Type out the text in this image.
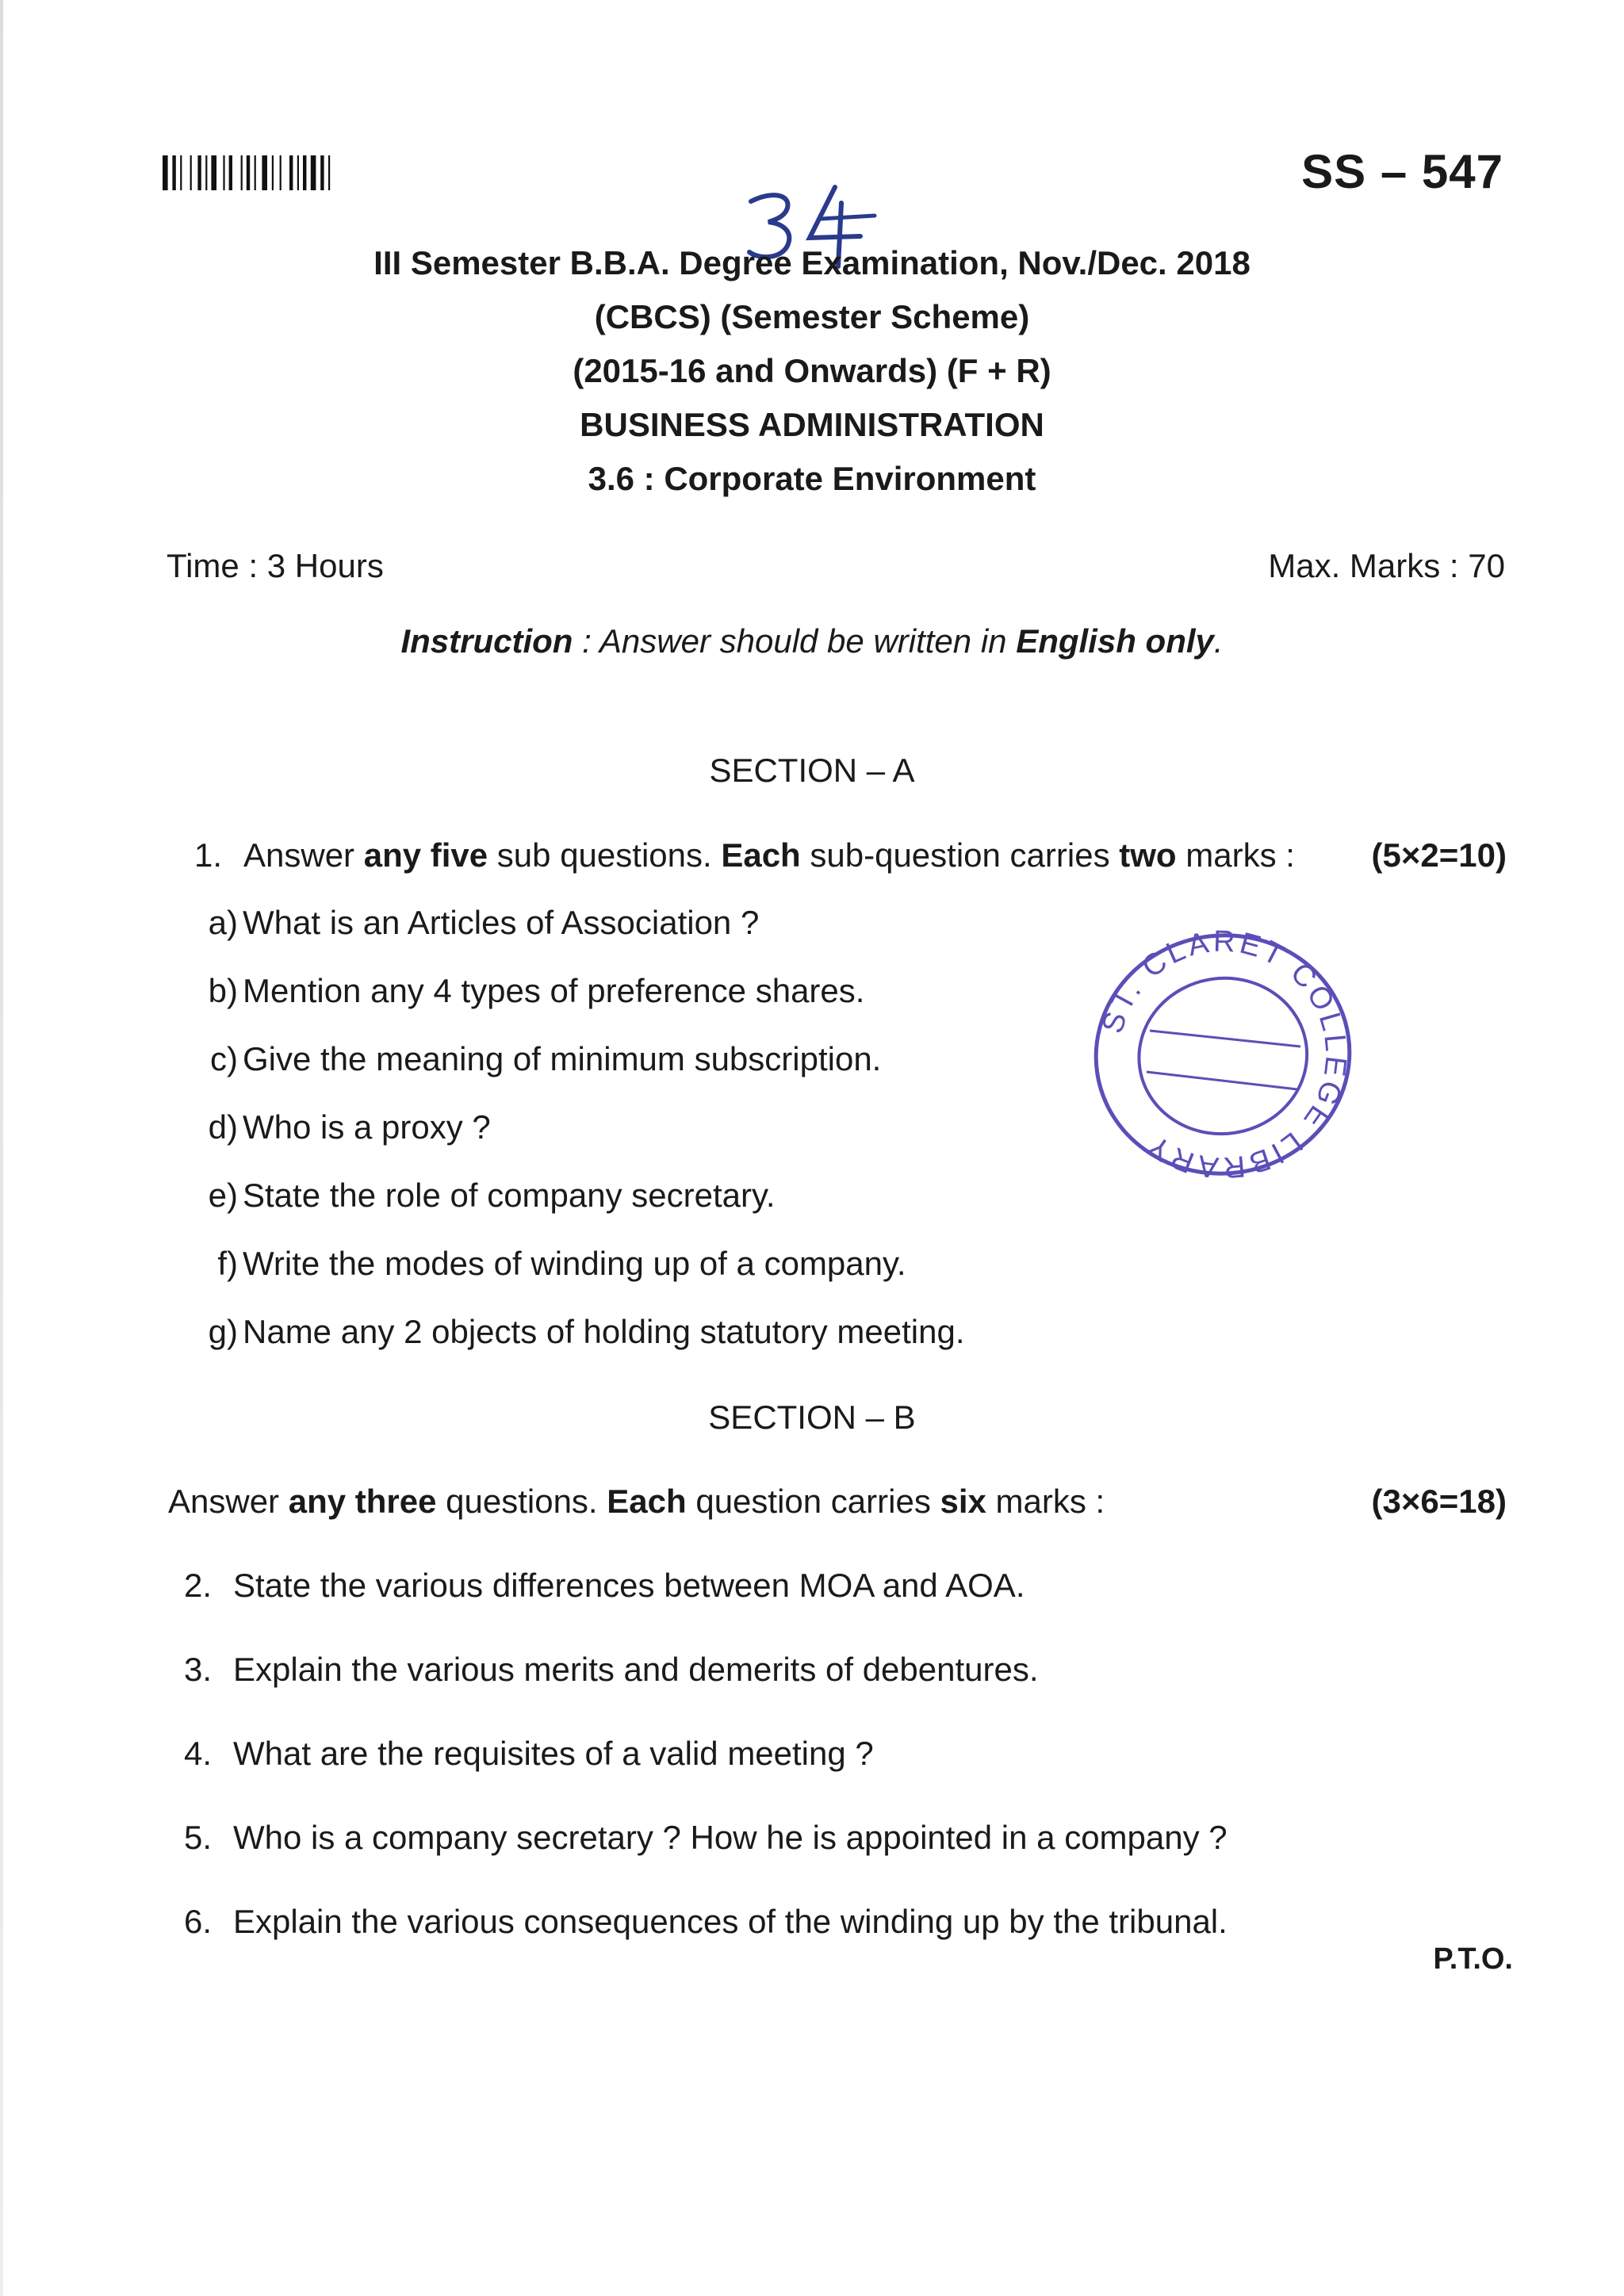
SS – 547
III Semester B.B.A. Degree Examination, Nov./Dec. 2018
(CBCS) (Semester Scheme)
(2015-16 and Onwards) (F + R)
BUSINESS ADMINISTRATION
3.6 : Corporate Environment
Time : 3 Hours	Max. Marks : 70
Instruction : Answer should be written in English only.
SECTION – A
1. Answer any five sub questions. Each sub-question carries two marks : (5×2=10)
a) What is an Articles of Association ?
b) Mention any 4 types of preference shares.
c) Give the meaning of minimum subscription.
d) Who is a proxy ?
e) State the role of company secretary.
f) Write the modes of winding up of a company.
g) Name any 2 objects of holding statutory meeting.
ST. CLARET COLLEGE LIBRARY
SECTION – B
Answer any three questions. Each question carries six marks :	(3×6=18)
2. State the various differences between MOA and AOA.
3. Explain the various merits and demerits of debentures.
4. What are the requisites of a valid meeting ?
5. Who is a company secretary ? How he is appointed in a company ?
6. Explain the various consequences of the winding up by the tribunal.
P.T.O.
